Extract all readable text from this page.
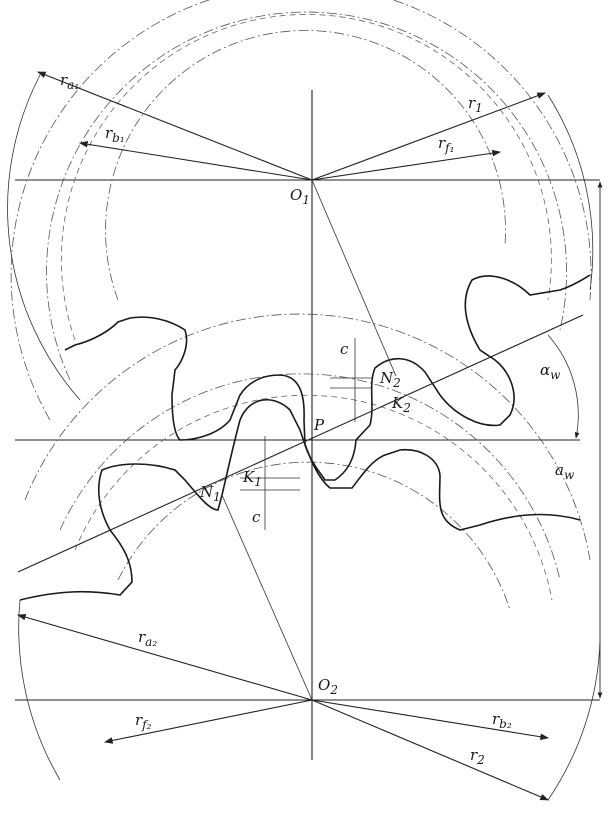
$O_1$
$O_2$
P
$r_{a_1}$
$r_1$
$r_{b_1}$	$r_{f_1}$
$r_{a_2}$
$r_{f_2}$	$r_{b_2}$
$r_2$
c
c
$N_1$
$N_2$
$K_1$
$K_2$
$\alpha_w$
$a_w$
